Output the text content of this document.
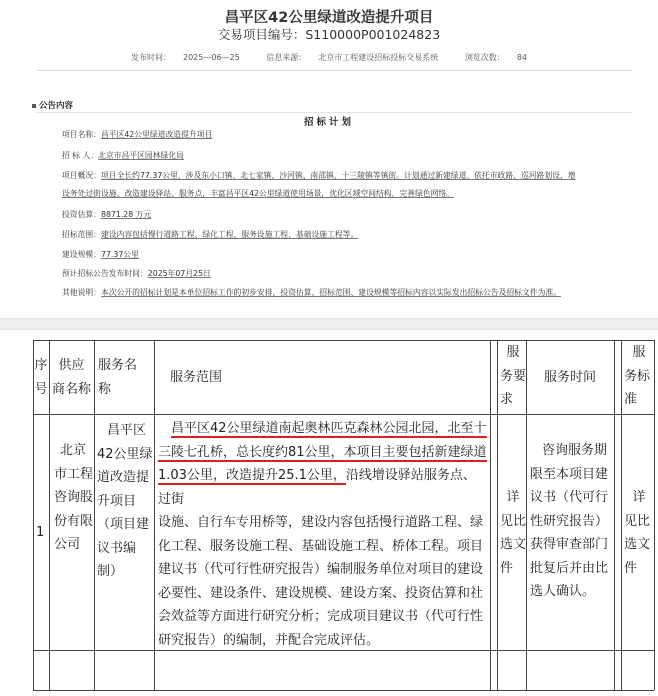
昌平区42公里绿道改造提升项目
交易项目编号：S110000P001024823
发布时间： 2025—06—25	信息来源： 北京市工程建设招标投标交易系统	浏览次数： 84
公告内容
招标计划
项目名称：昌平区42公里绿道改造提升项目
招 标 人：北京市昌平区园林绿化局
项目概况：项目全长约77.37公里，涉及东小口镇、北七家镇、沙河镇、南邵镇、十三陵镇等镇街。计划通过新建绿道、依托市政路、巡河路划设、增
设务处过街设施、改造建设驿站、服务点，丰富昌平区42公里绿道使用场景，优化区域空间结构，完善绿色网络。
投资估算：8871.28 万元
招标范围：建设内容包括慢行道路工程、绿化工程、服务设施工程、基础设施工程等。
建设规模：77.37公里
预计招标公告发布时间：2025年07月25日
其他说明：本次公开的招标计划是本单位招标工作的初步安排，投资估算、招标范围、建设规模等招标内容以实际发出招标公告及招标文件为准。
序
号
供应
商名称
服务名
称
服务范围
服
务要
求
服务时间
服
务标
准
1
北京
市工程
咨询股
份有限
公司
昌平区
42公里绿
道改造提
升项目
（项目建
议书编
制）
昌平区42公里绿道南起奥林匹克森林公园北园，北至十
三陵七孔桥，总长度约81公里，本项目主要包括新建绿道
1.03公里，改造提升25.1公里，沿线增设驿站服务点、过街
设施、自行车专用桥等，建设内容包括慢行道路工程、绿
化工程、服务设施工程、基础设施工程、桥体工程。项目
建议书（代可行性研究报告）编制服务单位对项目的建设
必要性、建设条件、建设规模、建设方案、投资估算和社
会效益等方面进行研究分析；完成项目建议书（代可行性
研究报告）的编制，并配合完成评估。
详
见比
选文
件
咨询服务期
限至本项目建
议书（代可行
性研究报告）
获得审查部门
批复后并由比
选人确认。
详
见比
选文
件
